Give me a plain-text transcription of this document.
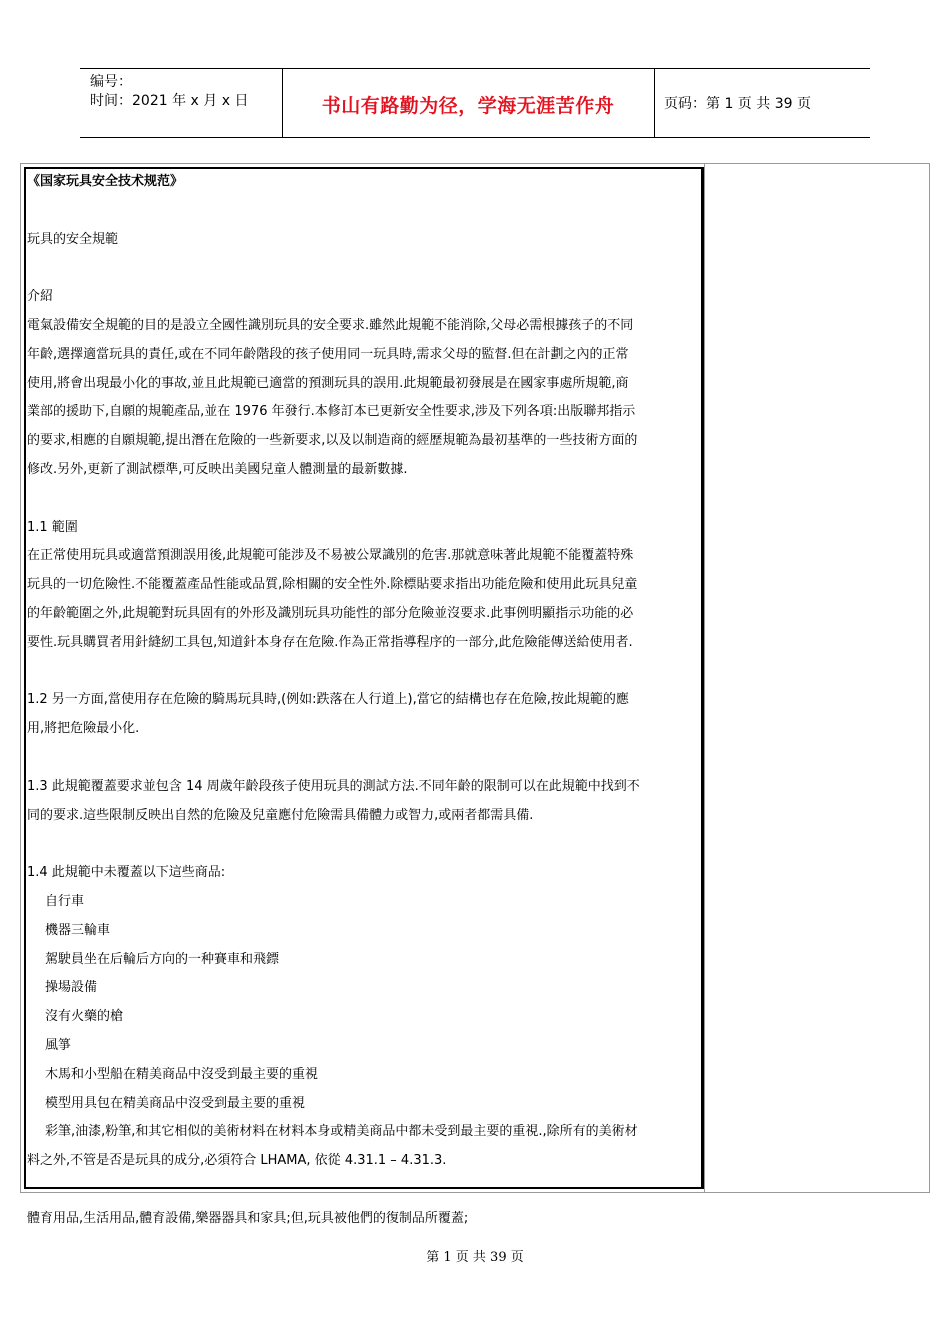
编号：
时间：2021 年 x 月 x 日	书山有路勤为径，学海无涯苦作舟	页码：第 1 页 共 39 页

《国家玩具安全技术规范》

玩具的安全規範

介紹

電氣設備安全規範的目的是設立全國性識別玩具的安全要求.雖然此規範不能消除,父母必需根據孩子的不同

年齡,選擇適當玩具的責任,或在不同年齡階段的孩子使用同一玩具時,需求父母的監督.但在計劃之內的正常

使用,將會出現最小化的事故,並且此規範已適當的預測玩具的誤用.此規範最初發展是在國家事處所規範,商

業部的援助下,自願的規範產品,並在 1976 年發行.本修訂本已更新安全性要求,涉及下列各項:出版聯邦指示

的要求,相應的自願規範,提出潛在危險的一些新要求,以及以制造商的經歷規範為最初基準的一些技術方面的

修改.另外,更新了測試標準,可反映出美國兒童人體測量的最新數據.

1.1 範圍

在正常使用玩具或適當預測誤用後,此規範可能涉及不易被公眾識別的危害.那就意味著此規範不能覆蓋特殊

玩具的一切危險性.不能覆蓋產品性能或品質,除相關的安全性外.除標貼要求指出功能危險和使用此玩具兒童

的年齡範圍之外,此規範對玩具固有的外形及識別玩具功能性的部分危險並沒要求.此事例明顯指示功能的必

要性.玩具購買者用針縫紉工具包,知道針本身存在危險.作為正常指導程序的一部分,此危險能傳送給使用者.

1.2 另一方面,當使用存在危險的騎馬玩具時,(例如:跌落在人行道上),當它的結構也存在危險,按此規範的應

用,將把危險最小化.

1.3 此規範覆蓋要求並包含 14 周歲年齡段孩子使用玩具的測試方法.不同年齡的限制可以在此規範中找到不

同的要求.這些限制反映出自然的危險及兒童應付危險需具備體力或智力,或兩者都需具備.

1.4 此規範中未覆蓋以下這些商品:

自行車

機器三輪車

駕駛員坐在后輪后方向的一种賽車和飛鏢

操場設備

沒有火藥的槍

風箏

木馬和小型船在精美商品中沒受到最主要的重視

模型用具包在精美商品中沒受到最主要的重視

彩筆,油漆,粉筆,和其它相似的美術材料在材料本身或精美商品中都未受到最主要的重視.,除所有的美術材

料之外,不管是否是玩具的成分,必須符合 LHAMA, 依從 4.31.1 – 4.31.3.

體育用品,生活用品,體育設備,樂器器具和家具;但,玩具被他們的復制品所覆蓋;

第 1 页 共 39 页
